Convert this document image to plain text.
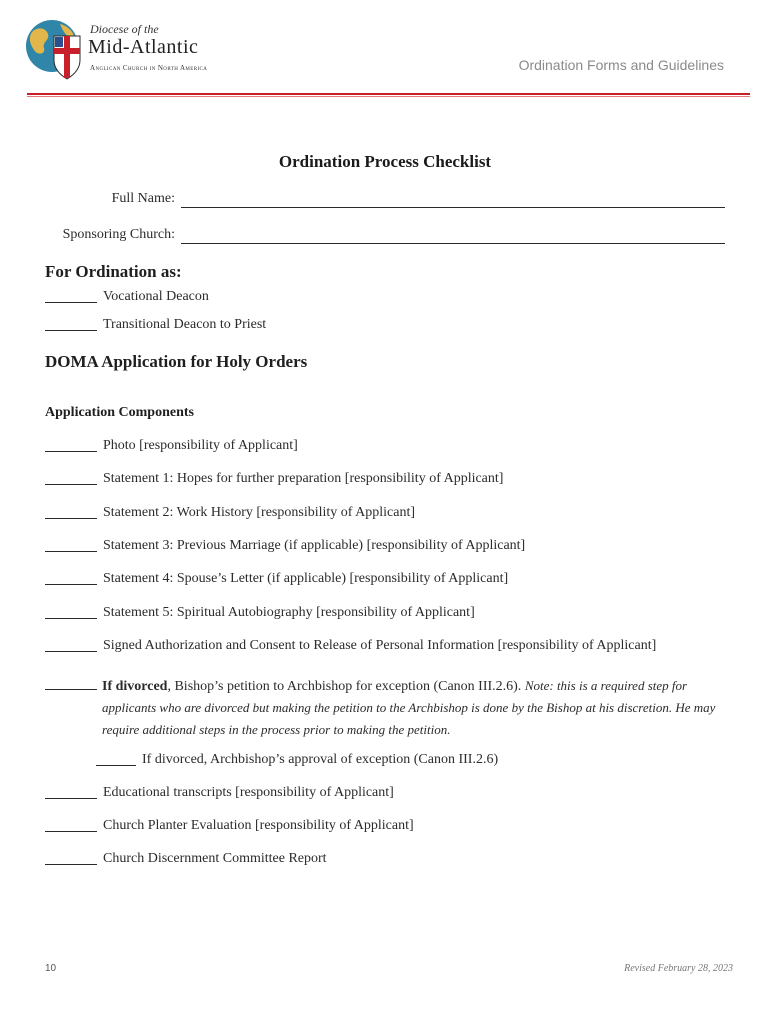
Diocese of the
Mid-Atlantic
Anglican Church in North America	Ordination Forms and Guidelines
Ordination Process Checklist
Full Name:
Sponsoring Church:
For Ordination as:
Vocational Deacon
Transitional Deacon to Priest
DOMA Application for Holy Orders
Application Components
Photo [responsibility of Applicant]
Statement 1: Hopes for further preparation [responsibility of Applicant]
Statement 2: Work History [responsibility of Applicant]
Statement 3: Previous Marriage (if applicable) [responsibility of Applicant]
Statement 4: Spouse’s Letter (if applicable) [responsibility of Applicant]
Statement 5: Spiritual Autobiography [responsibility of Applicant]
Signed Authorization and Consent to Release of Personal Information [responsibility of Applicant]
If divorced, Bishop’s petition to Archbishop for exception (Canon III.2.6). Note: this is a required step for applicants who are divorced but making the petition to the Archbishop is done by the Bishop at his discretion. He may require additional steps in the process prior to making the petition.
If divorced, Archbishop’s approval of exception (Canon III.2.6)
Educational transcripts [responsibility of Applicant]
Church Planter Evaluation [responsibility of Applicant]
Church Discernment Committee Report
10	Revised February 28, 2023
